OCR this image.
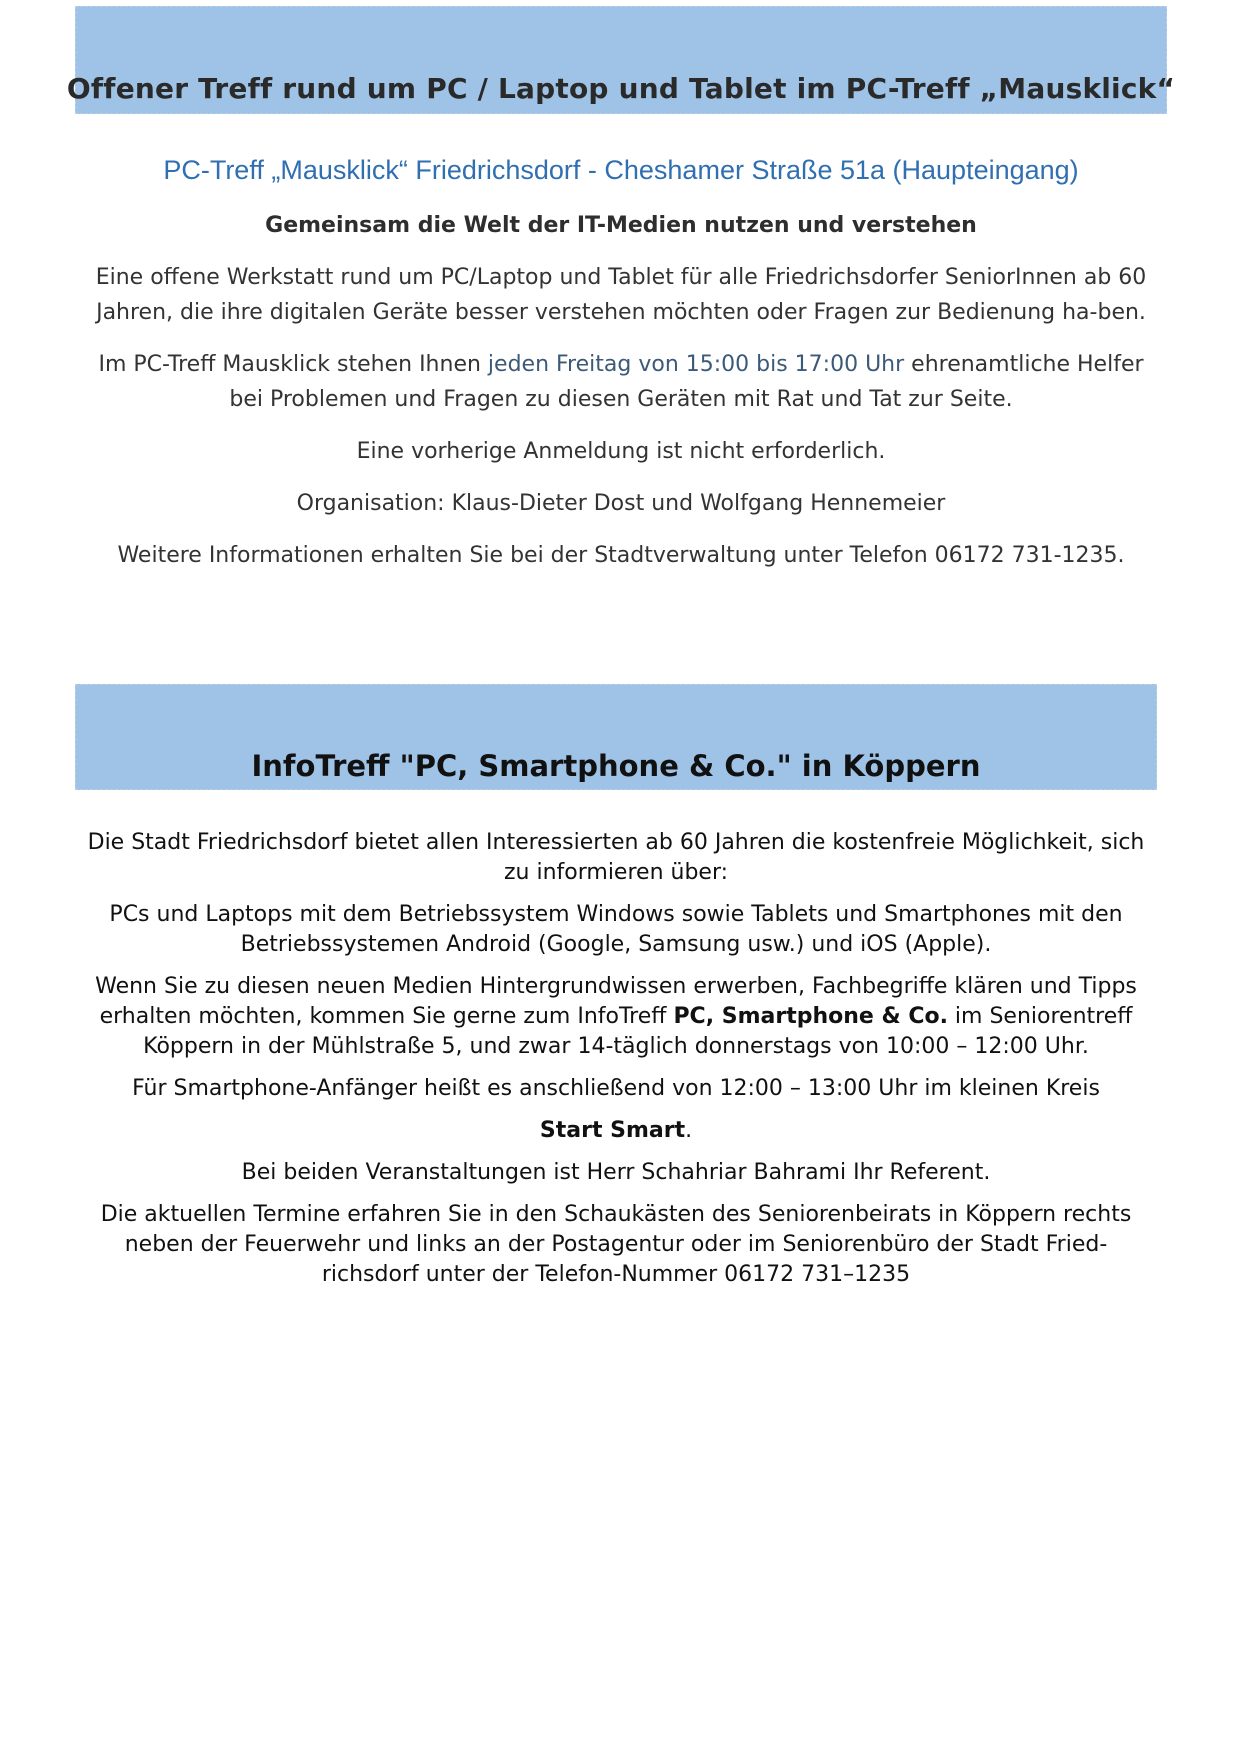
Offener Treff rund um PC / Laptop und Tablet im PC-Treff „Mausklick“

PC-Treff „Mausklick“ Friedrichsdorf - Cheshamer Straße 51a (Haupteingang)

Gemeinsam die Welt der IT-Medien nutzen und verstehen

Eine offene Werkstatt rund um PC/Laptop und Tablet für alle Friedrichsdorfer SeniorInnen ab 60 Jahren, die ihre digitalen Geräte besser verstehen möchten oder Fragen zur Bedienung ha-ben.

Im PC-Treff Mausklick stehen Ihnen jeden Freitag von 15:00 bis 17:00 Uhr ehrenamtliche Helfer bei Problemen und Fragen zu diesen Geräten mit Rat und Tat zur Seite.

Eine vorherige Anmeldung ist nicht erforderlich.

Organisation: Klaus-Dieter Dost und Wolfgang Hennemeier

Weitere Informationen erhalten Sie bei der Stadtverwaltung unter Telefon 06172 731-1235.

InfoTreff "PC, Smartphone & Co." in Köppern

Die Stadt Friedrichsdorf bietet allen Interessierten ab 60 Jahren die kostenfreie Möglichkeit, sich zu informieren über:

PCs und Laptops mit dem Betriebssystem Windows sowie Tablets und Smartphones mit den Betriebssystemen Android (Google, Samsung usw.) und iOS (Apple).

Wenn Sie zu diesen neuen Medien Hintergrundwissen erwerben, Fachbegriffe klären und Tipps erhalten möchten, kommen Sie gerne zum InfoTreff PC, Smartphone & Co. im Seniorentreff Köppern in der Mühlstraße 5, und zwar 14-täglich donnerstags von 10:00 – 12:00 Uhr.

Für Smartphone-Anfänger heißt es anschließend von 12:00 – 13:00 Uhr im kleinen Kreis

Start Smart.

Bei beiden Veranstaltungen ist Herr Schahriar Bahrami Ihr Referent.

Die aktuellen Termine erfahren Sie in den Schaukästen des Seniorenbeirats in Köppern rechts neben der Feuerwehr und links an der Postagentur oder im Seniorenbüro der Stadt Fried-richsdorf unter der Telefon-Nummer 06172 731–1235
